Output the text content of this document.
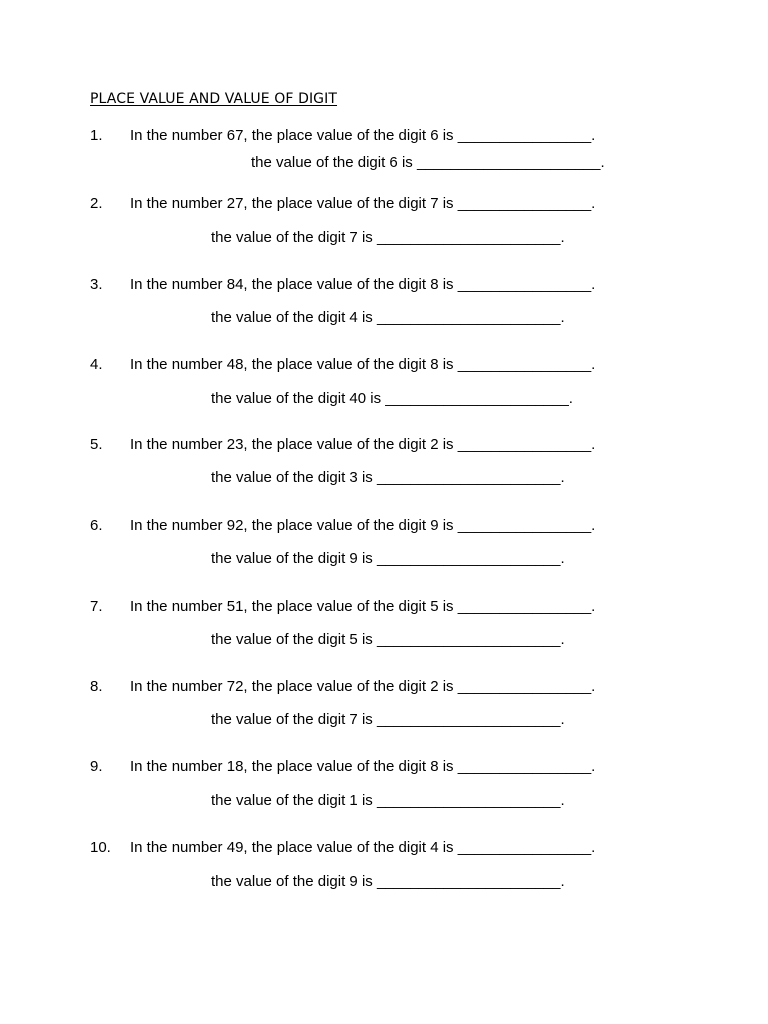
PLACE VALUE AND VALUE OF DIGIT
1. In the number 67, the place value of the digit 6 is ________________.
the value of the digit 6 is ______________________.
2. In the number 27, the place value of the digit 7 is ________________.
the value of the digit 7 is ______________________.
3. In the number 84, the place value of the digit 8 is ________________.
the value of the digit 4 is ______________________.
4. In the number 48, the place value of the digit 8 is ________________.
the value of the digit 40 is ______________________.
5. In the number 23, the place value of the digit 2 is ________________.
the value of the digit 3 is ______________________.
6. In the number 92, the place value of the digit 9 is ________________.
the value of the digit 9 is ______________________.
7. In the number 51, the place value of the digit 5 is ________________.
the value of the digit 5 is ______________________.
8. In the number 72, the place value of the digit 2 is ________________.
the value of the digit 7 is ______________________.
9. In the number 18, the place value of the digit 8 is ________________.
the value of the digit 1 is ______________________.
10. In the number 49, the place value of the digit 4 is ________________.
the value of the digit 9 is ______________________.
